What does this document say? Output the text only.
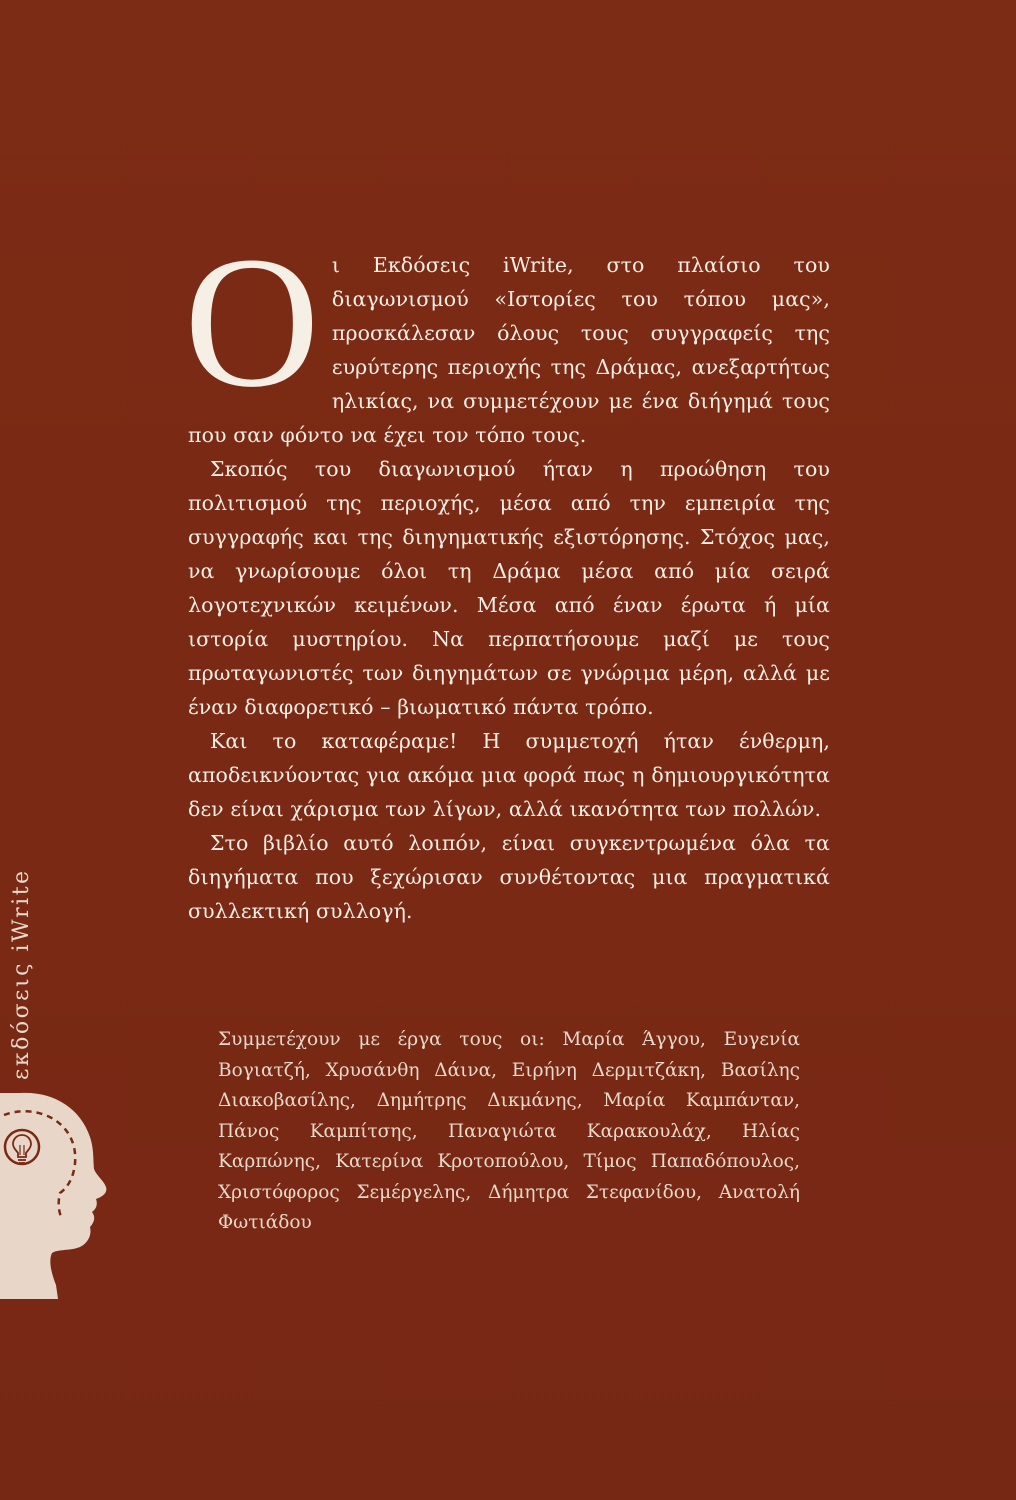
Οι Εκδόσεις iWrite, στο πλαίσιο του διαγωνισμού «Ιστορίες του τόπου μας», προσκάλεσαν όλους τους συγγραφείς της ευρύτερης περιοχής της Δράμας, ανεξαρτήτως ηλικίας, να συμμετέχουν με ένα διήγημά τους που σαν φόντο να έχει τον τόπο τους.

Σκοπός του διαγωνισμού ήταν η προώθηση του πολιτισμού της περιοχής, μέσα από την εμπειρία της συγγραφής και της διηγηματικής εξιστόρησης. Στόχος μας, να γνωρίσουμε όλοι τη Δράμα μέσα από μία σειρά λογοτεχνικών κειμένων. Μέσα από έναν έρωτα ή μία ιστορία μυστηρίου. Να περπατήσουμε μαζί με τους πρωταγωνιστές των διηγημάτων σε γνώριμα μέρη, αλλά με έναν διαφορετικό – βιωματικό πάντα τρόπο.

Και το καταφέραμε! Η συμμετοχή ήταν ένθερμη, αποδεικνύοντας για ακόμα μια φορά πως η δημιουργικότητα δεν είναι χάρισμα των λίγων, αλλά ικανότητα των πολλών.

Στο βιβλίο αυτό λοιπόν, είναι συγκεντρωμένα όλα τα διηγήματα που ξεχώρισαν συνθέτοντας μια πραγματικά συλλεκτική συλλογή.

Συμμετέχουν με έργα τους οι: Μαρία Άγγου, Ευγενία Βογιατζή, Χρυσάνθη Δάινα, Ειρήνη Δερμιτζάκη, Βασίλης Διακοβασίλης, Δημήτρης Δικμάνης, Μαρία Καμπάνταν, Πάνος Καμπίτσης, Παναγιώτα Καρακουλάχ, Ηλίας Καρπώνης, Κατερίνα Κροτοπούλου, Τίμος Παπαδόπουλος, Χριστόφορος Σεμέργελης, Δήμητρα Στεφανίδου, Ανατολή Φωτιάδου
εκδόσεις iWrite
